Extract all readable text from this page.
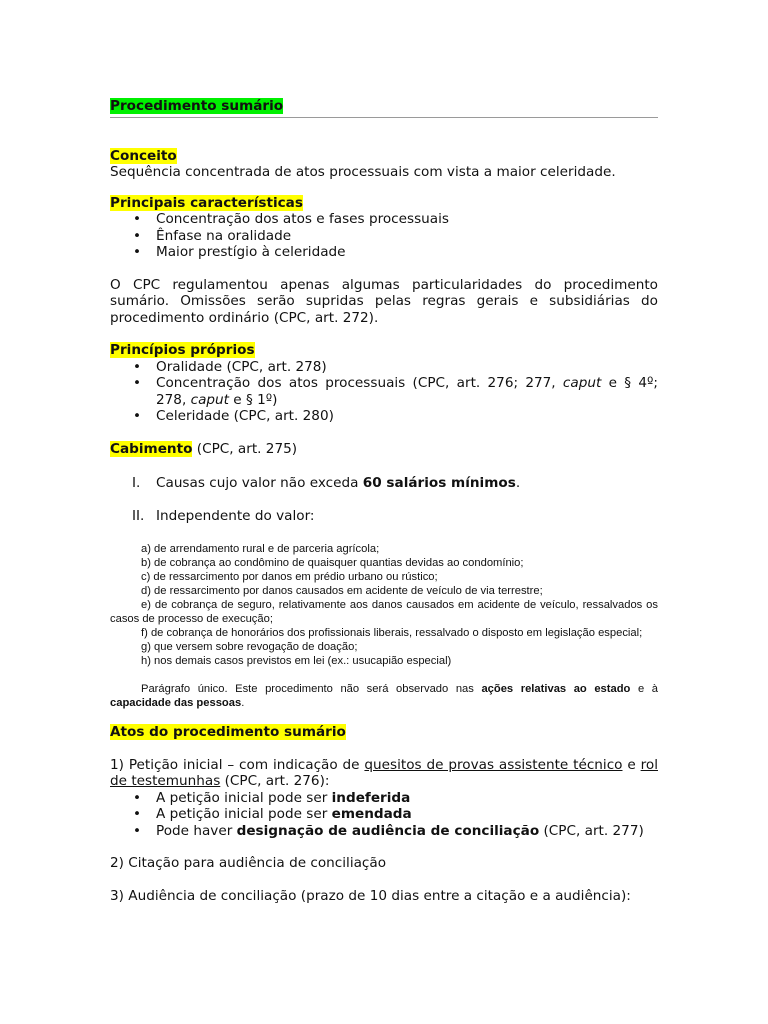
Procedimento sumário

Conceito

Sequência concentrada de atos processuais com vista a maior celeridade.

Principais características
• Concentração dos atos e fases processuais
• Ênfase na oralidade
• Maior prestígio à celeridade

O CPC regulamentou apenas algumas particularidades do procedimento sumário. Omissões serão supridas pelas regras gerais e subsidiárias do procedimento ordinário (CPC, art. 272).

Princípios próprios
• Oralidade (CPC, art. 278)
• Concentração dos atos processuais (CPC, art. 276; 277, caput e § 4º; 278, caput e § 1º)
• Celeridade (CPC, art. 280)

Cabimento (CPC, art. 275)

I.	Causas cujo valor não exceda 60 salários mínimos.
II. Independente do valor:
a) de arrendamento rural e de parceria agrícola;
b) de cobrança ao condômino de quaisquer quantias devidas ao condomínio;
c) de ressarcimento por danos em prédio urbano ou rústico;
d) de ressarcimento por danos causados em acidente de veículo de via terrestre;
e) de cobrança de seguro, relativamente aos danos causados em acidente de veículo, ressalvados os casos de processo de execução;
f) de cobrança de honorários dos profissionais liberais, ressalvado o disposto em legislação especial;
g) que versem sobre revogação de doação;
h) nos demais casos previstos em lei (ex.: usucapião especial)
Parágrafo único. Este procedimento não será observado nas ações relativas ao estado e à capacidade das pessoas.
Atos do procedimento sumário

1) Petição inicial – com indicação de quesitos de provas assistente técnico e rol de testemunhas (CPC, art. 276):

• A petição inicial pode ser indeferida
• A petição inicial pode ser emendada
• Pode haver designação de audiência de conciliação (CPC, art. 277)

2) Citação para audiência de conciliação

3) Audiência de conciliação (prazo de 10 dias entre a citação e a audiência):
